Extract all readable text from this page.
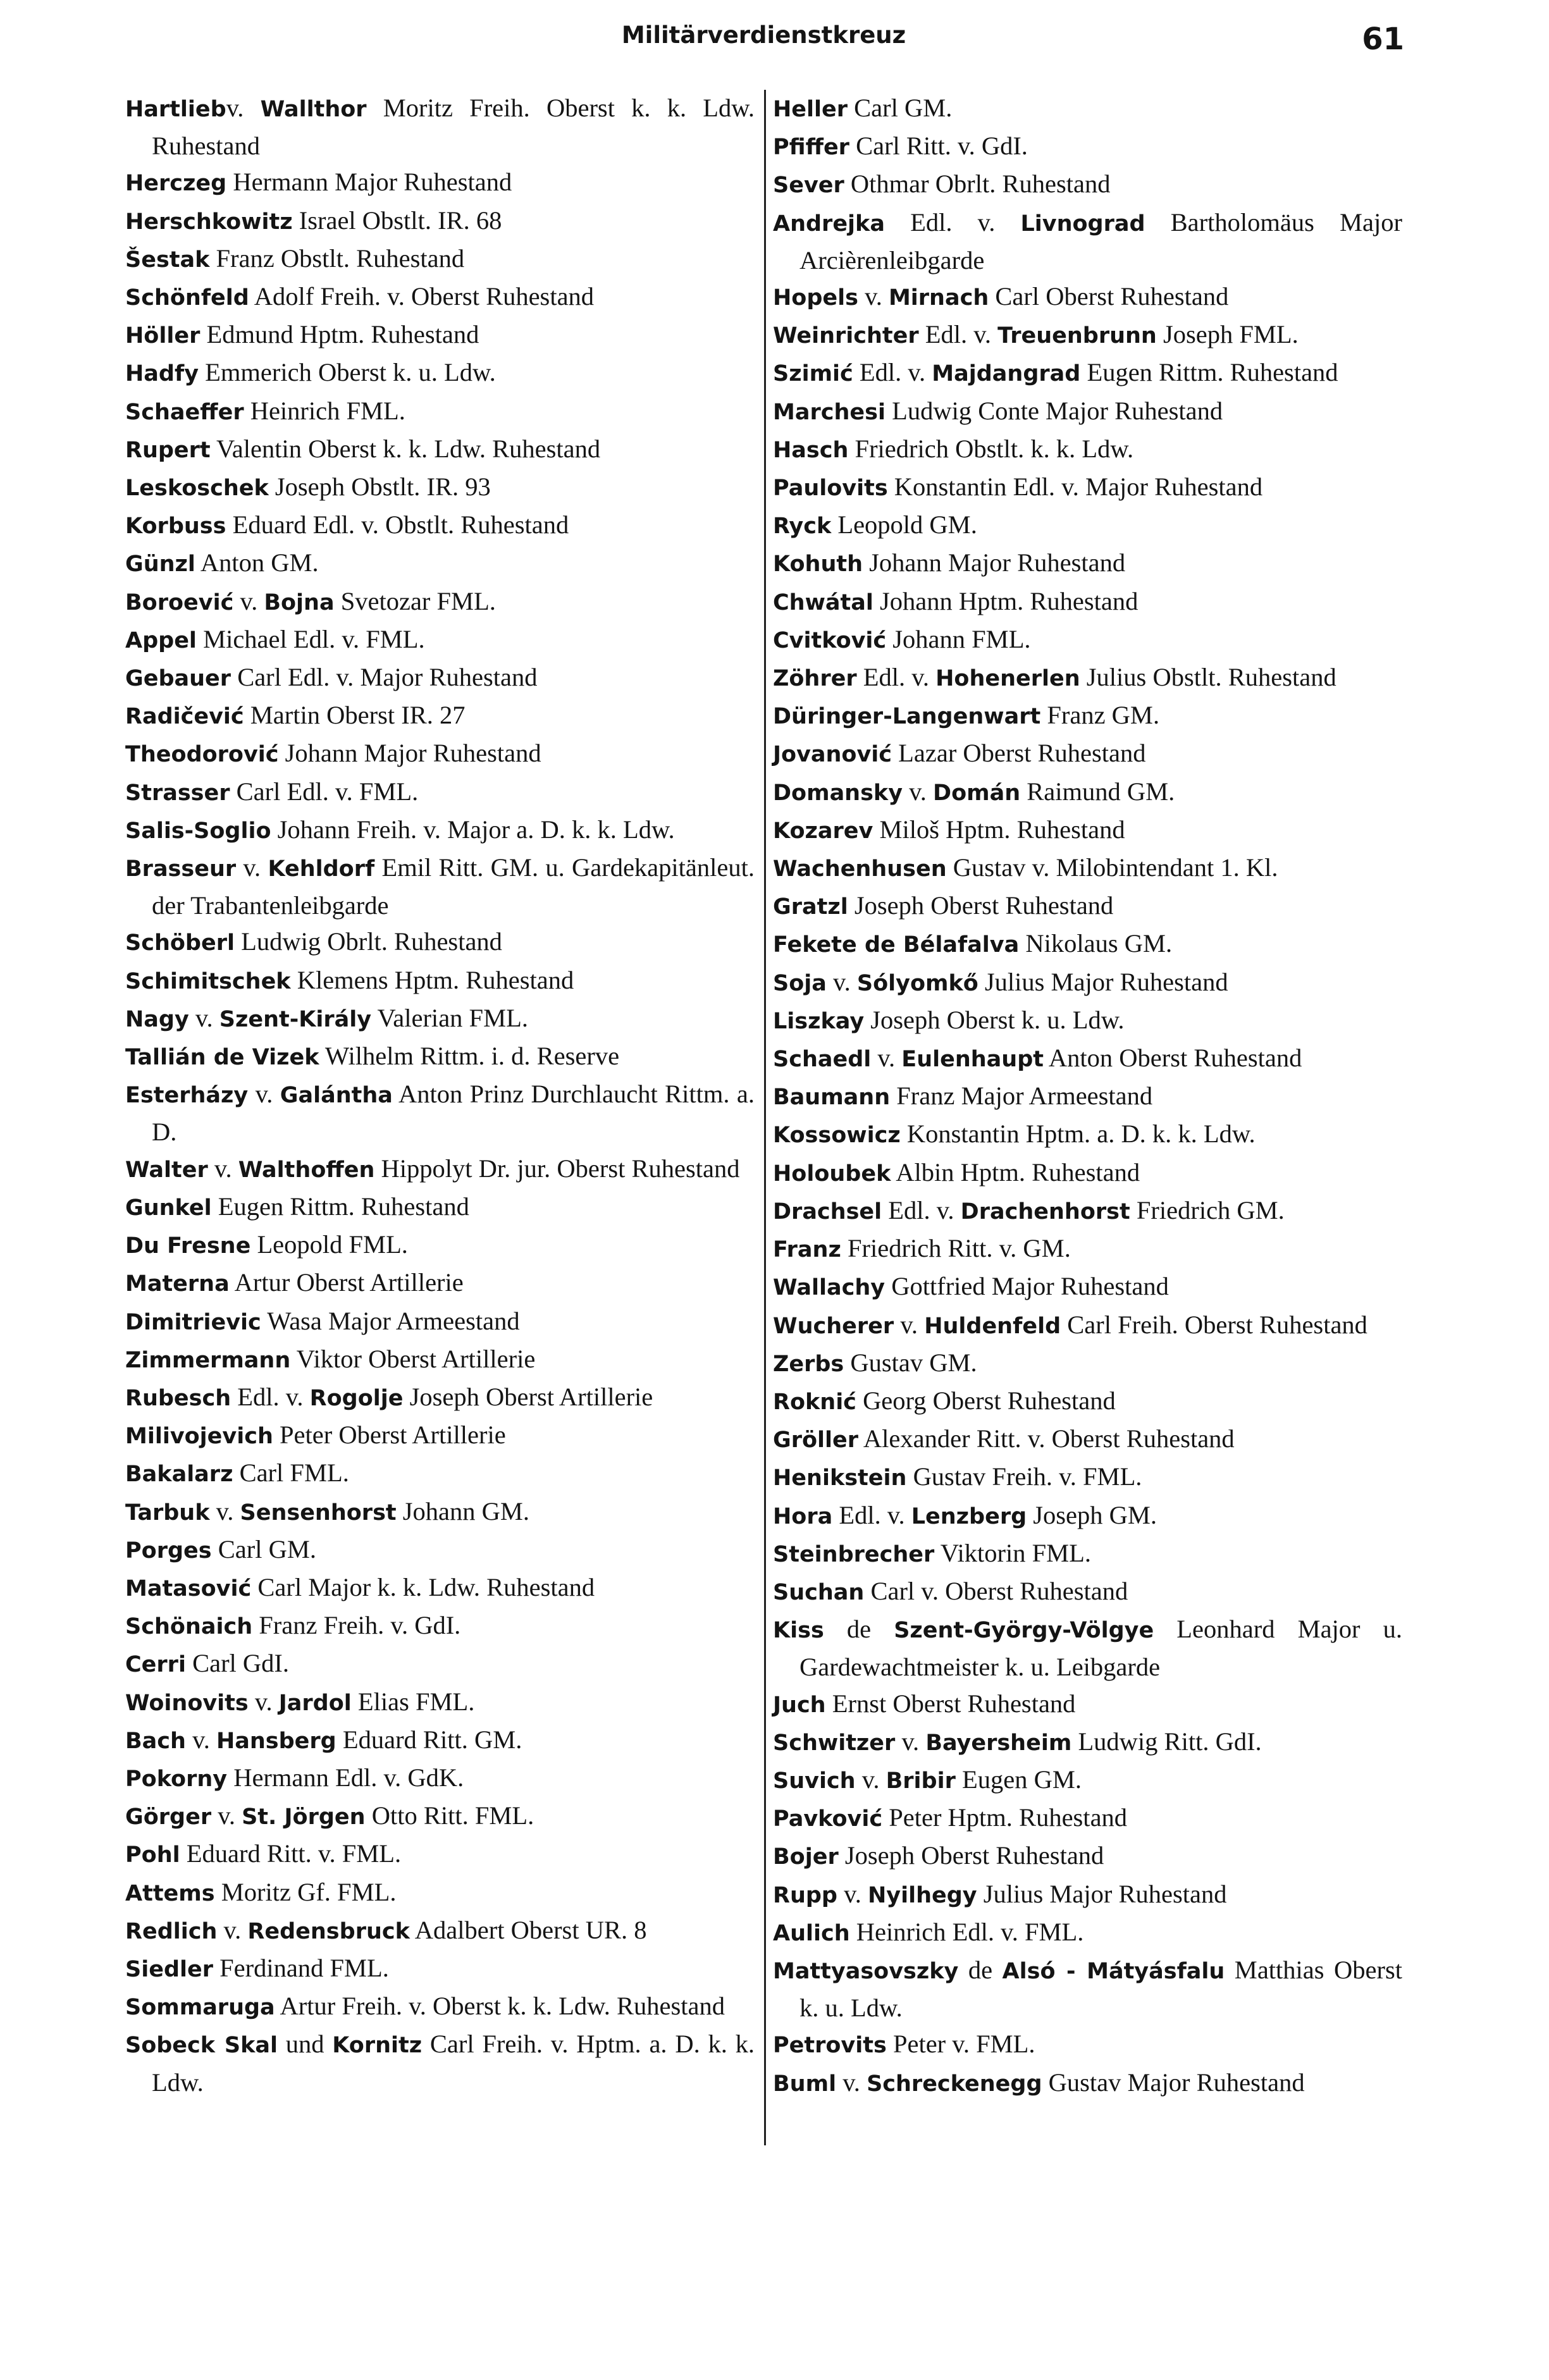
Militärverdienstkreuz	61
Hartliebv. Wallthor Moritz Freih. Oberst k. k. Ldw. Ruhestand
Herczeg Hermann Major Ruhestand
Herschkowitz Israel Obstlt. IR. 68
Šestak Franz Obstlt. Ruhestand
Schönfeld Adolf Freih. v. Oberst Ruhestand
Höller Edmund Hptm. Ruhestand
Hadfy Emmerich Oberst k. u. Ldw.
Schaeffer Heinrich FML.
Rupert Valentin Oberst k. k. Ldw. Ruhestand
Leskoschek Joseph Obstlt. IR. 93
Korbuss Eduard Edl. v. Obstlt. Ruhestand
Günzl Anton GM.
Boroević v. Bojna Svetozar FML.
Appel Michael Edl. v. FML.
Gebauer Carl Edl. v. Major Ruhestand
Radičević Martin Oberst IR. 27
Theodorović Johann Major Ruhestand
Strasser Carl Edl. v. FML.
Salis-Soglio Johann Freih. v. Major a. D. k. k. Ldw.
Brasseur v. Kehldorf Emil Ritt. GM. u. Gardekapitänleut. der Trabantenleibgarde
Schöberl Ludwig Obrlt. Ruhestand
Schimitschek Klemens Hptm. Ruhestand
Nagy v. Szent-Király Valerian FML.
Tallián de Vizek Wilhelm Rittm. i. d. Reserve
Esterházy v. Galántha Anton Prinz Durchlaucht Rittm. a. D.
Walter v. Walthoffen Hippolyt Dr. jur. Oberst Ruhestand
Gunkel Eugen Rittm. Ruhestand
Du Fresne Leopold FML.
Materna Artur Oberst Artillerie
Dimitrievic Wasa Major Armeestand
Zimmermann Viktor Oberst Artillerie
Rubesch Edl. v. Rogolje Joseph Oberst Artillerie
Milivojevich Peter Oberst Artillerie
Bakalarz Carl FML.
Tarbuk v. Sensenhorst Johann GM.
Porges Carl GM.
Matasović Carl Major k. k. Ldw. Ruhestand
Schönaich Franz Freih. v. GdI.
Cerri Carl GdI.
Woinovits v. Jardol Elias FML.
Bach v. Hansberg Eduard Ritt. GM.
Pokorny Hermann Edl. v. GdK.
Görger v. St. Jörgen Otto Ritt. FML.
Pohl Eduard Ritt. v. FML.
Attems Moritz Gf. FML.
Redlich v. Redensbruck Adalbert Oberst UR. 8
Siedler Ferdinand FML.
Sommaruga Artur Freih. v. Oberst k. k. Ldw. Ruhestand
Sobeck Skal und Kornitz Carl Freih. v. Hptm. a. D. k. k. Ldw.
Heller Carl GM.
Pfiffer Carl Ritt. v. GdI.
Sever Othmar Obrlt. Ruhestand
Andrejka Edl. v. Livnograd Bartholomäus Major Arcièrenleibgarde
Hopels v. Mirnach Carl Oberst Ruhestand
Weinrichter Edl. v. Treuenbrunn Joseph FML.
Szimić Edl. v. Majdangrad Eugen Rittm. Ruhestand
Marchesi Ludwig Conte Major Ruhestand
Hasch Friedrich Obstlt. k. k. Ldw.
Paulovits Konstantin Edl. v. Major Ruhestand
Ryck Leopold GM.
Kohuth Johann Major Ruhestand
Chwátal Johann Hptm. Ruhestand
Cvitković Johann FML.
Zöhrer Edl. v. Hohenerlen Julius Obstlt. Ruhestand
Düringer-Langenwart Franz GM.
Jovanović Lazar Oberst Ruhestand
Domansky v. Domán Raimund GM.
Kozarev Miloš Hptm. Ruhestand
Wachenhusen Gustav v. Milobintendant 1. Kl.
Gratzl Joseph Oberst Ruhestand
Fekete de Bélafalva Nikolaus GM.
Soja v. Sólyomkő Julius Major Ruhestand
Liszkay Joseph Oberst k. u. Ldw.
Schaedl v. Eulenhaupt Anton Oberst Ruhestand
Baumann Franz Major Armeestand
Kossowicz Konstantin Hptm. a. D. k. k. Ldw.
Holoubek Albin Hptm. Ruhestand
Drachsel Edl. v. Drachenhorst Friedrich GM.
Franz Friedrich Ritt. v. GM.
Wallachy Gottfried Major Ruhestand
Wucherer v. Huldenfeld Carl Freih. Oberst Ruhestand
Zerbs Gustav GM.
Roknić Georg Oberst Ruhestand
Gröller Alexander Ritt. v. Oberst Ruhestand
Henikstein Gustav Freih. v. FML.
Hora Edl. v. Lenzberg Joseph GM.
Steinbrecher Viktorin FML.
Suchan Carl v. Oberst Ruhestand
Kiss de Szent-György-Völgye Leonhard Major u. Gardewachtmeister k. u. Leibgarde
Juch Ernst Oberst Ruhestand
Schwitzer v. Bayersheim Ludwig Ritt. GdI.
Suvich v. Bribir Eugen GM.
Pavković Peter Hptm. Ruhestand
Bojer Joseph Oberst Ruhestand
Rupp v. Nyilhegy Julius Major Ruhestand
Aulich Heinrich Edl. v. FML.
Mattyasovszky de Alsó - Mátyásfalu Matthias Oberst k. u. Ldw.
Petrovits Peter v. FML.
Buml v. Schreckenegg Gustav Major Ruhestand
